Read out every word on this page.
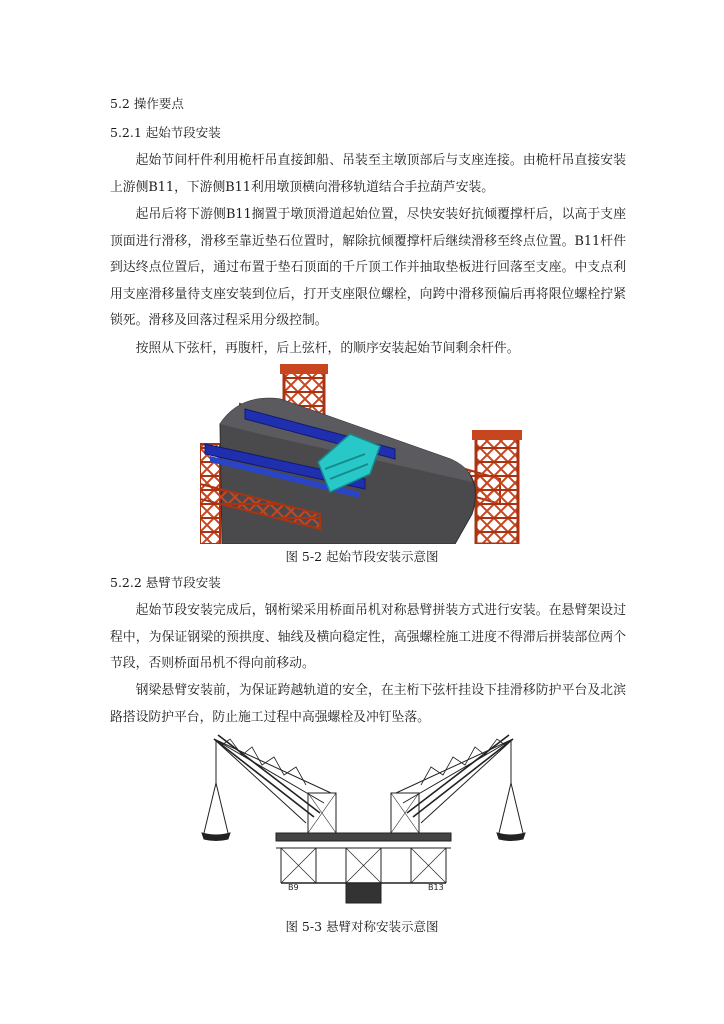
5.2 操作要点
5.2.1 起始节段安装

起始节间杆件利用桅杆吊直接卸船、吊装至主墩顶部后与支座连接。由桅杆吊直接安装上游侧B11，下游侧B11利用墩顶横向滑移轨道结合手拉葫芦安装。

起吊后将下游侧B11搁置于墩顶滑道起始位置，尽快安装好抗倾覆撑杆后，以高于支座顶面进行滑移，滑移至靠近垫石位置时，解除抗倾覆撑杆后继续滑移至终点位置。B11杆件到达终点位置后，通过布置于垫石顶面的千斤顶工作并抽取垫板进行回落至支座。中支点利用支座滑移量待支座安装到位后，打开支座限位螺栓，向跨中滑移预偏后再将限位螺栓拧紧锁死。滑移及回落过程采用分级控制。

按照从下弦杆，再腹杆，后上弦杆，的顺序安装起始节间剩余杆件。

图 5-2 起始节段安装示意图
5.2.2 悬臂节段安装

起始节段安装完成后，钢桁梁采用桥面吊机对称悬臂拼装方式进行安装。在悬臂架设过程中，为保证钢梁的预拱度、轴线及横向稳定性，高强螺栓施工进度不得滞后拼装部位两个节段，否则桥面吊机不得向前移动。

钢梁悬臂安装前，为保证跨越轨道的安全，在主桁下弦杆挂设下挂滑移防护平台及北滨路搭设防护平台，防止施工过程中高强螺栓及冲钉坠落。

B9	B13
图 5-3 悬臂对称安装示意图
